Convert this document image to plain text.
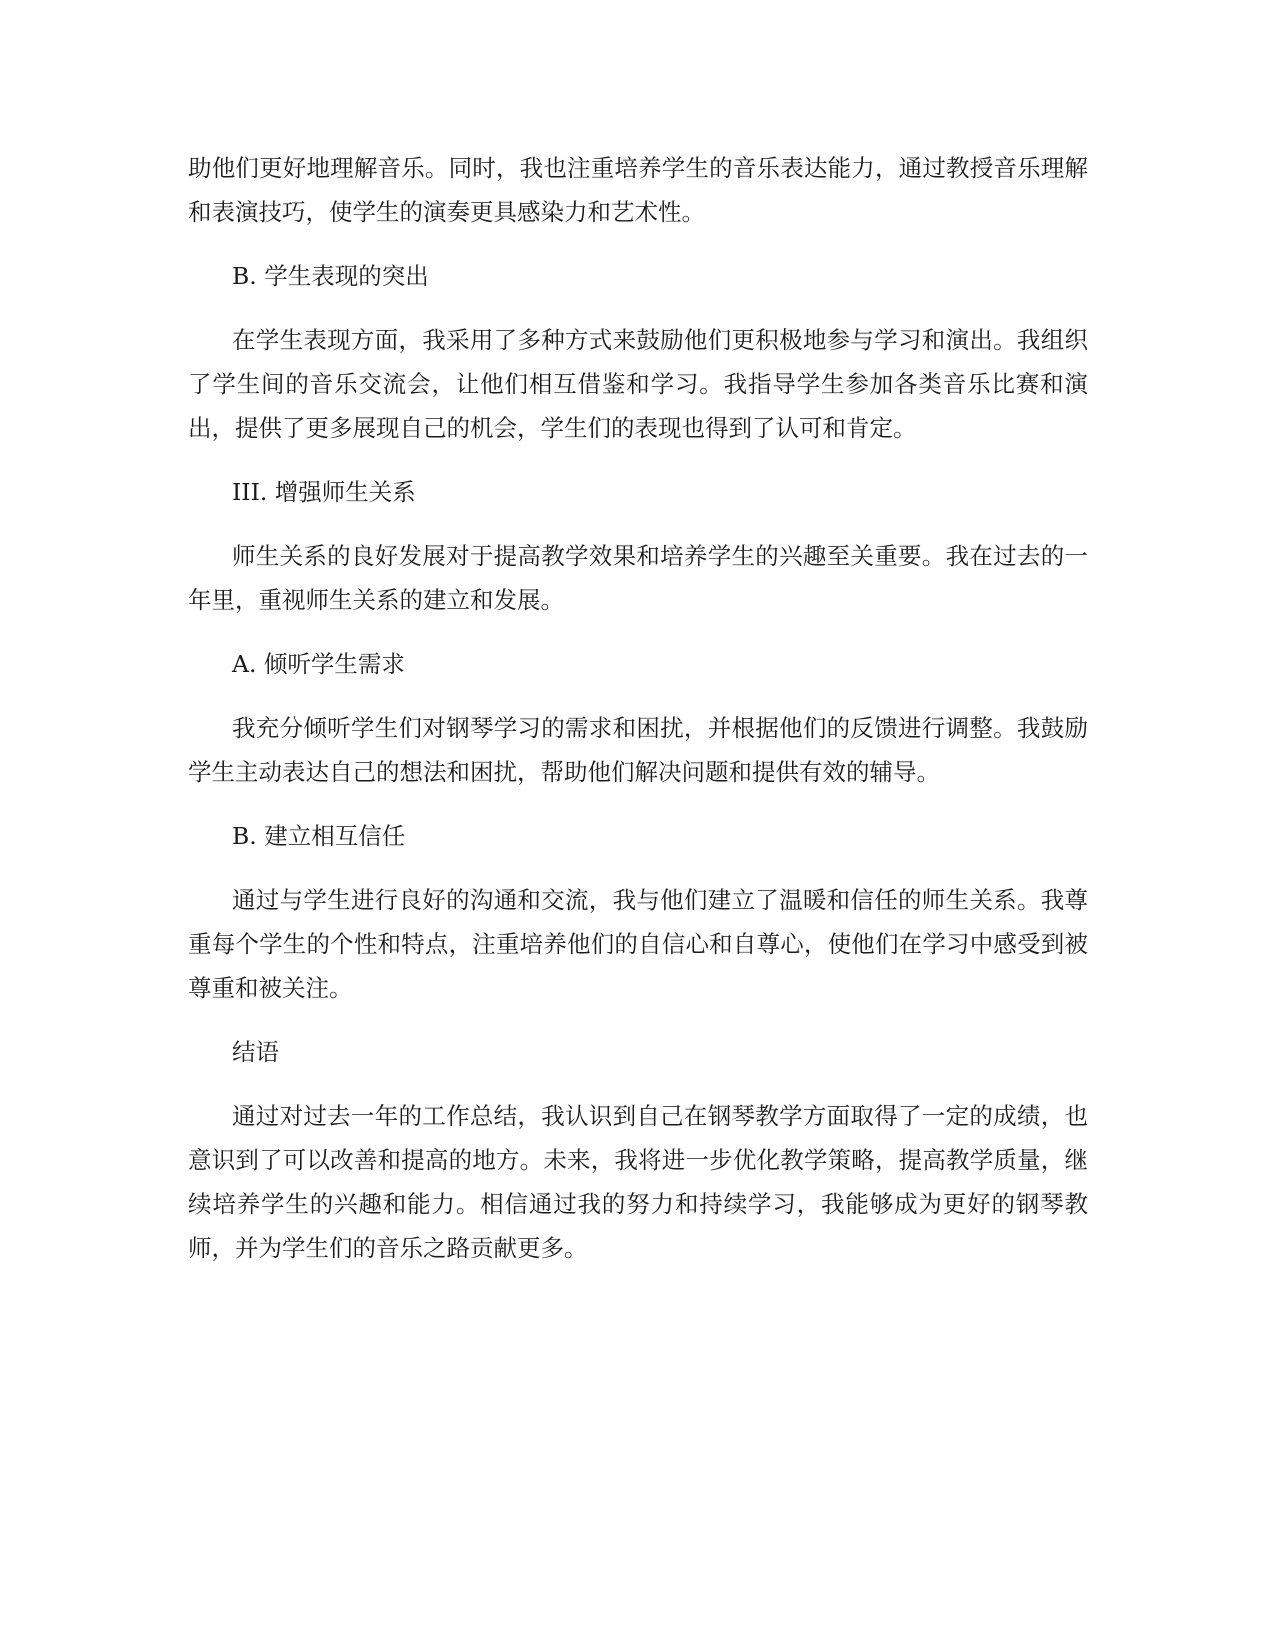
助他们更好地理解音乐。同时，我也注重培养学生的音乐表达能力，通过教授音乐理解和表演技巧，使学生的演奏更具感染力和艺术性。

B. 学生表现的突出

在学生表现方面，我采用了多种方式来鼓励他们更积极地参与学习和演出。我组织了学生间的音乐交流会，让他们相互借鉴和学习。我指导学生参加各类音乐比赛和演出，提供了更多展现自己的机会，学生们的表现也得到了认可和肯定。

III. 增强师生关系

师生关系的良好发展对于提高教学效果和培养学生的兴趣至关重要。我在过去的一年里，重视师生关系的建立和发展。

A. 倾听学生需求

我充分倾听学生们对钢琴学习的需求和困扰，并根据他们的反馈进行调整。我鼓励学生主动表达自己的想法和困扰，帮助他们解决问题和提供有效的辅导。

B. 建立相互信任

通过与学生进行良好的沟通和交流，我与他们建立了温暖和信任的师生关系。我尊重每个学生的个性和特点，注重培养他们的自信心和自尊心，使他们在学习中感受到被尊重和被关注。

结语

通过对过去一年的工作总结，我认识到自己在钢琴教学方面取得了一定的成绩，也意识到了可以改善和提高的地方。未来，我将进一步优化教学策略，提高教学质量，继续培养学生的兴趣和能力。相信通过我的努力和持续学习，我能够成为更好的钢琴教师，并为学生们的音乐之路贡献更多。
